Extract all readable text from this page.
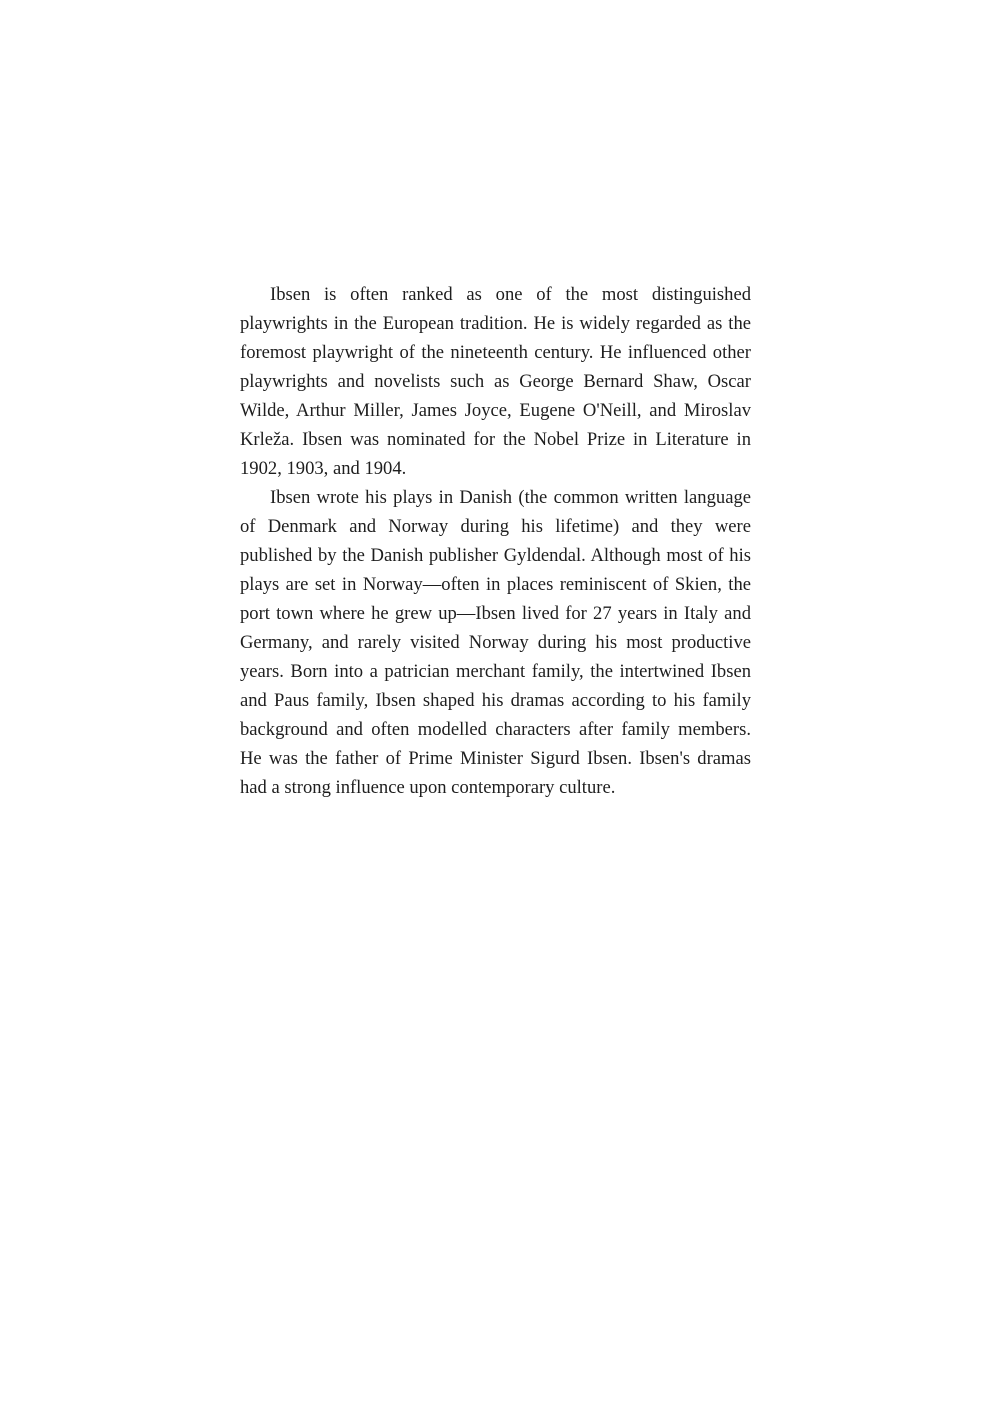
Ibsen is often ranked as one of the most distinguished playwrights in the European tradition. He is widely regarded as the foremost playwright of the nineteenth century. He influenced other playwrights and novelists such as George Bernard Shaw, Oscar Wilde, Arthur Miller, James Joyce, Eugene O'Neill, and Miroslav Krleža. Ibsen was nominated for the Nobel Prize in Literature in 1902, 1903, and 1904.

Ibsen wrote his plays in Danish (the common written language of Denmark and Norway during his lifetime) and they were published by the Danish publisher Gyldendal. Although most of his plays are set in Norway—often in places reminiscent of Skien, the port town where he grew up—Ibsen lived for 27 years in Italy and Germany, and rarely visited Norway during his most productive years. Born into a patrician merchant family, the intertwined Ibsen and Paus family, Ibsen shaped his dramas according to his family background and often modelled characters after family members. He was the father of Prime Minister Sigurd Ibsen. Ibsen's dramas had a strong influence upon contemporary culture.
